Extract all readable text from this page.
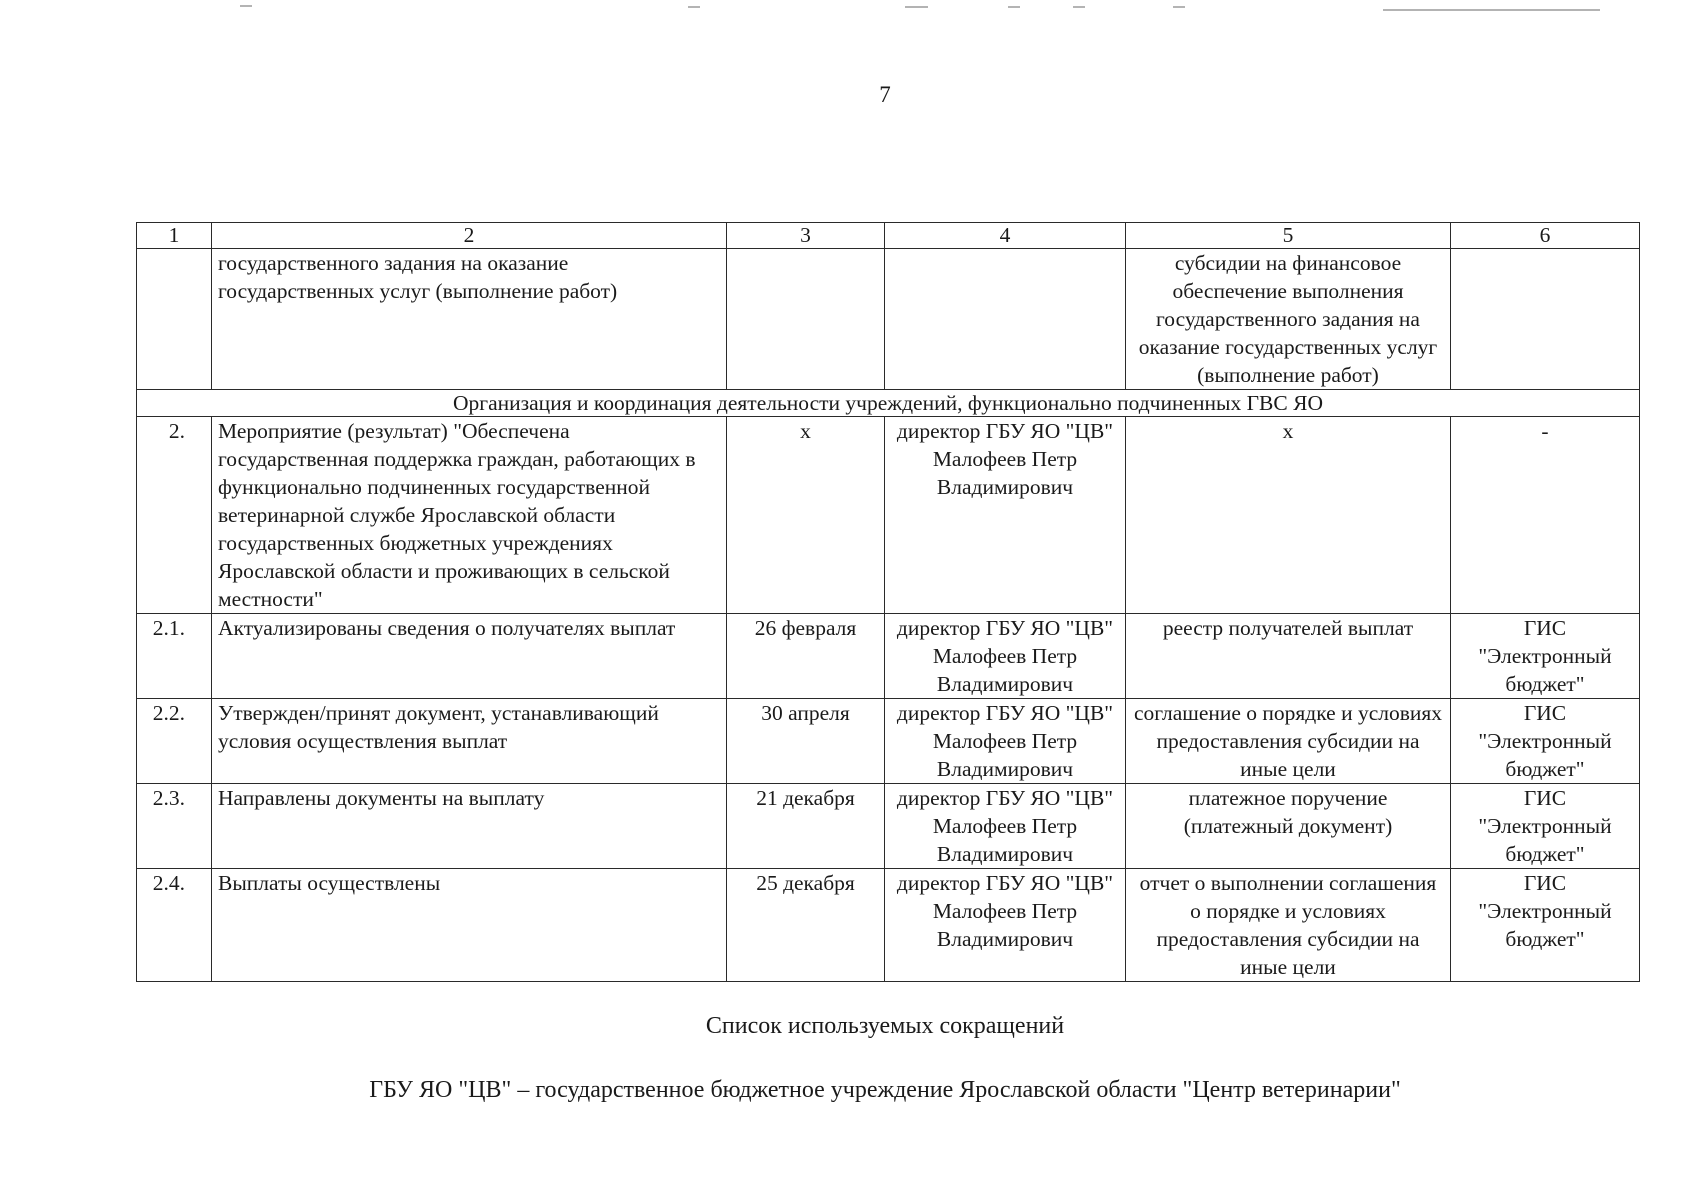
7
1	2	3	4	5	6
	государственного задания на оказание государственных услуг (выполнение работ)			субсидии на финансовое обеспечение выполнения государственного задания на оказание государственных услуг (выполнение работ)	
Организация и координация деятельности учреждений, функционально подчиненных ГВС ЯО					
2.	Мероприятие (результат) "Обеспечена государственная поддержка граждан, работающих в функционально подчиненных государственной ветеринарной службе Ярославской области государственных бюджетных учреждениях Ярославской области и проживающих в сельской местности"	х	директор ГБУ ЯО "ЦВ" Малофеев Петр Владимирович	х	-
2.1.	Актуализированы сведения о получателях выплат	26 февраля	директор ГБУ ЯО "ЦВ" Малофеев Петр Владимирович	реестр получателей выплат	ГИС "Электронный бюджет"
2.2.	Утвержден/принят документ, устанавливающий условия осуществления выплат	30 апреля	директор ГБУ ЯО "ЦВ" Малофеев Петр Владимирович	соглашение о порядке и условиях предоставления субсидии на иные цели	ГИС "Электронный бюджет"
2.3.	Направлены документы на выплату	21 декабря	директор ГБУ ЯО "ЦВ" Малофеев Петр Владимирович	платежное поручение (платежный документ)	ГИС "Электронный бюджет"
2.4.	Выплаты осуществлены	25 декабря	директор ГБУ ЯО "ЦВ" Малофеев Петр Владимирович	отчет о выполнении соглашения о порядке и условиях предоставления субсидии на иные цели	ГИС "Электронный бюджет"
Список используемых сокращений
ГБУ ЯО "ЦВ" – государственное бюджетное учреждение Ярославской области "Центр ветеринарии"
